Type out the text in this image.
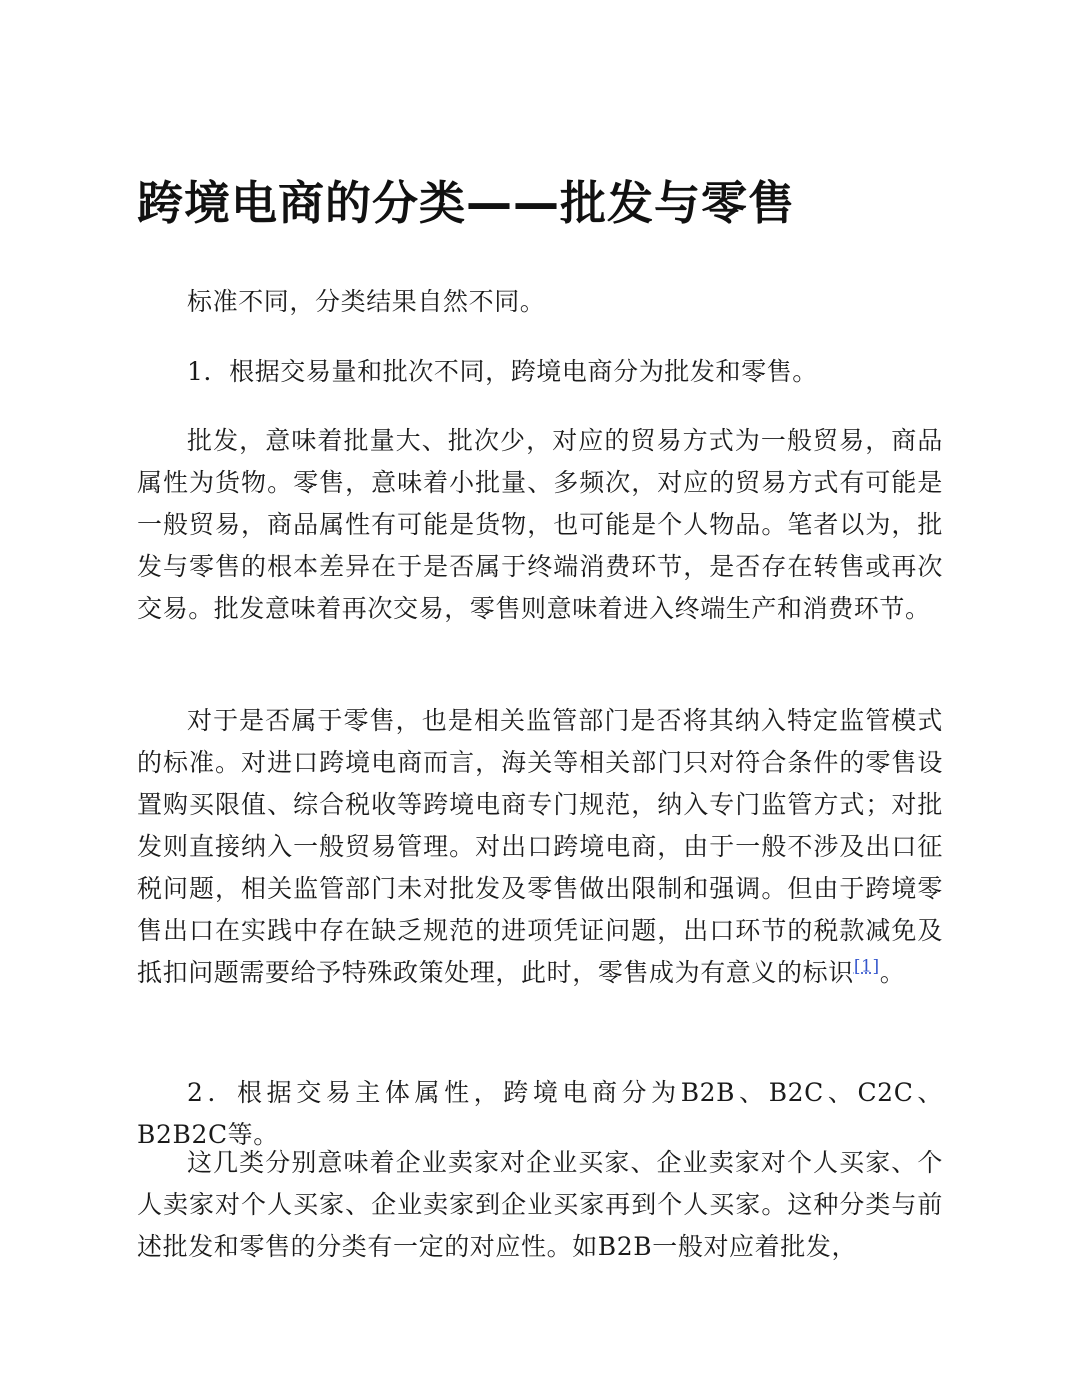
跨境电商的分类——批发与零售

标准不同，分类结果自然不同。

1．根据交易量和批次不同，跨境电商分为批发和零售。

批发，意味着批量大、批次少，对应的贸易方式为一般贸易，商品属性为货物。零售，意味着小批量、多频次，对应的贸易方式有可能是一般贸易，商品属性有可能是货物，也可能是个人物品。笔者以为，批发与零售的根本差异在于是否属于终端消费环节，是否存在转售或再次交易。批发意味着再次交易，零售则意味着进入终端生产和消费环节。

对于是否属于零售，也是相关监管部门是否将其纳入特定监管模式的标准。对进口跨境电商而言，海关等相关部门只对符合条件的零售设置购买限值、综合税收等跨境电商专门规范，纳入专门监管方式；对批发则直接纳入一般贸易管理。对出口跨境电商，由于一般不涉及出口征税问题，相关监管部门未对批发及零售做出限制和强调。但由于跨境零售出口在实践中存在缺乏规范的进项凭证问题，出口环节的税款减免及抵扣问题需要给予特殊政策处理，此时，零售成为有意义的标识[1]。

2．根据交易主体属性，跨境电商分为B2B、B2C、C2C、B2B2C等。

这几类分别意味着企业卖家对企业买家、企业卖家对个人买家、个人卖家对个人买家、企业卖家到企业买家再到个人买家。这种分类与前述批发和零售的分类有一定的对应性。如B2B一般对应着批发，
